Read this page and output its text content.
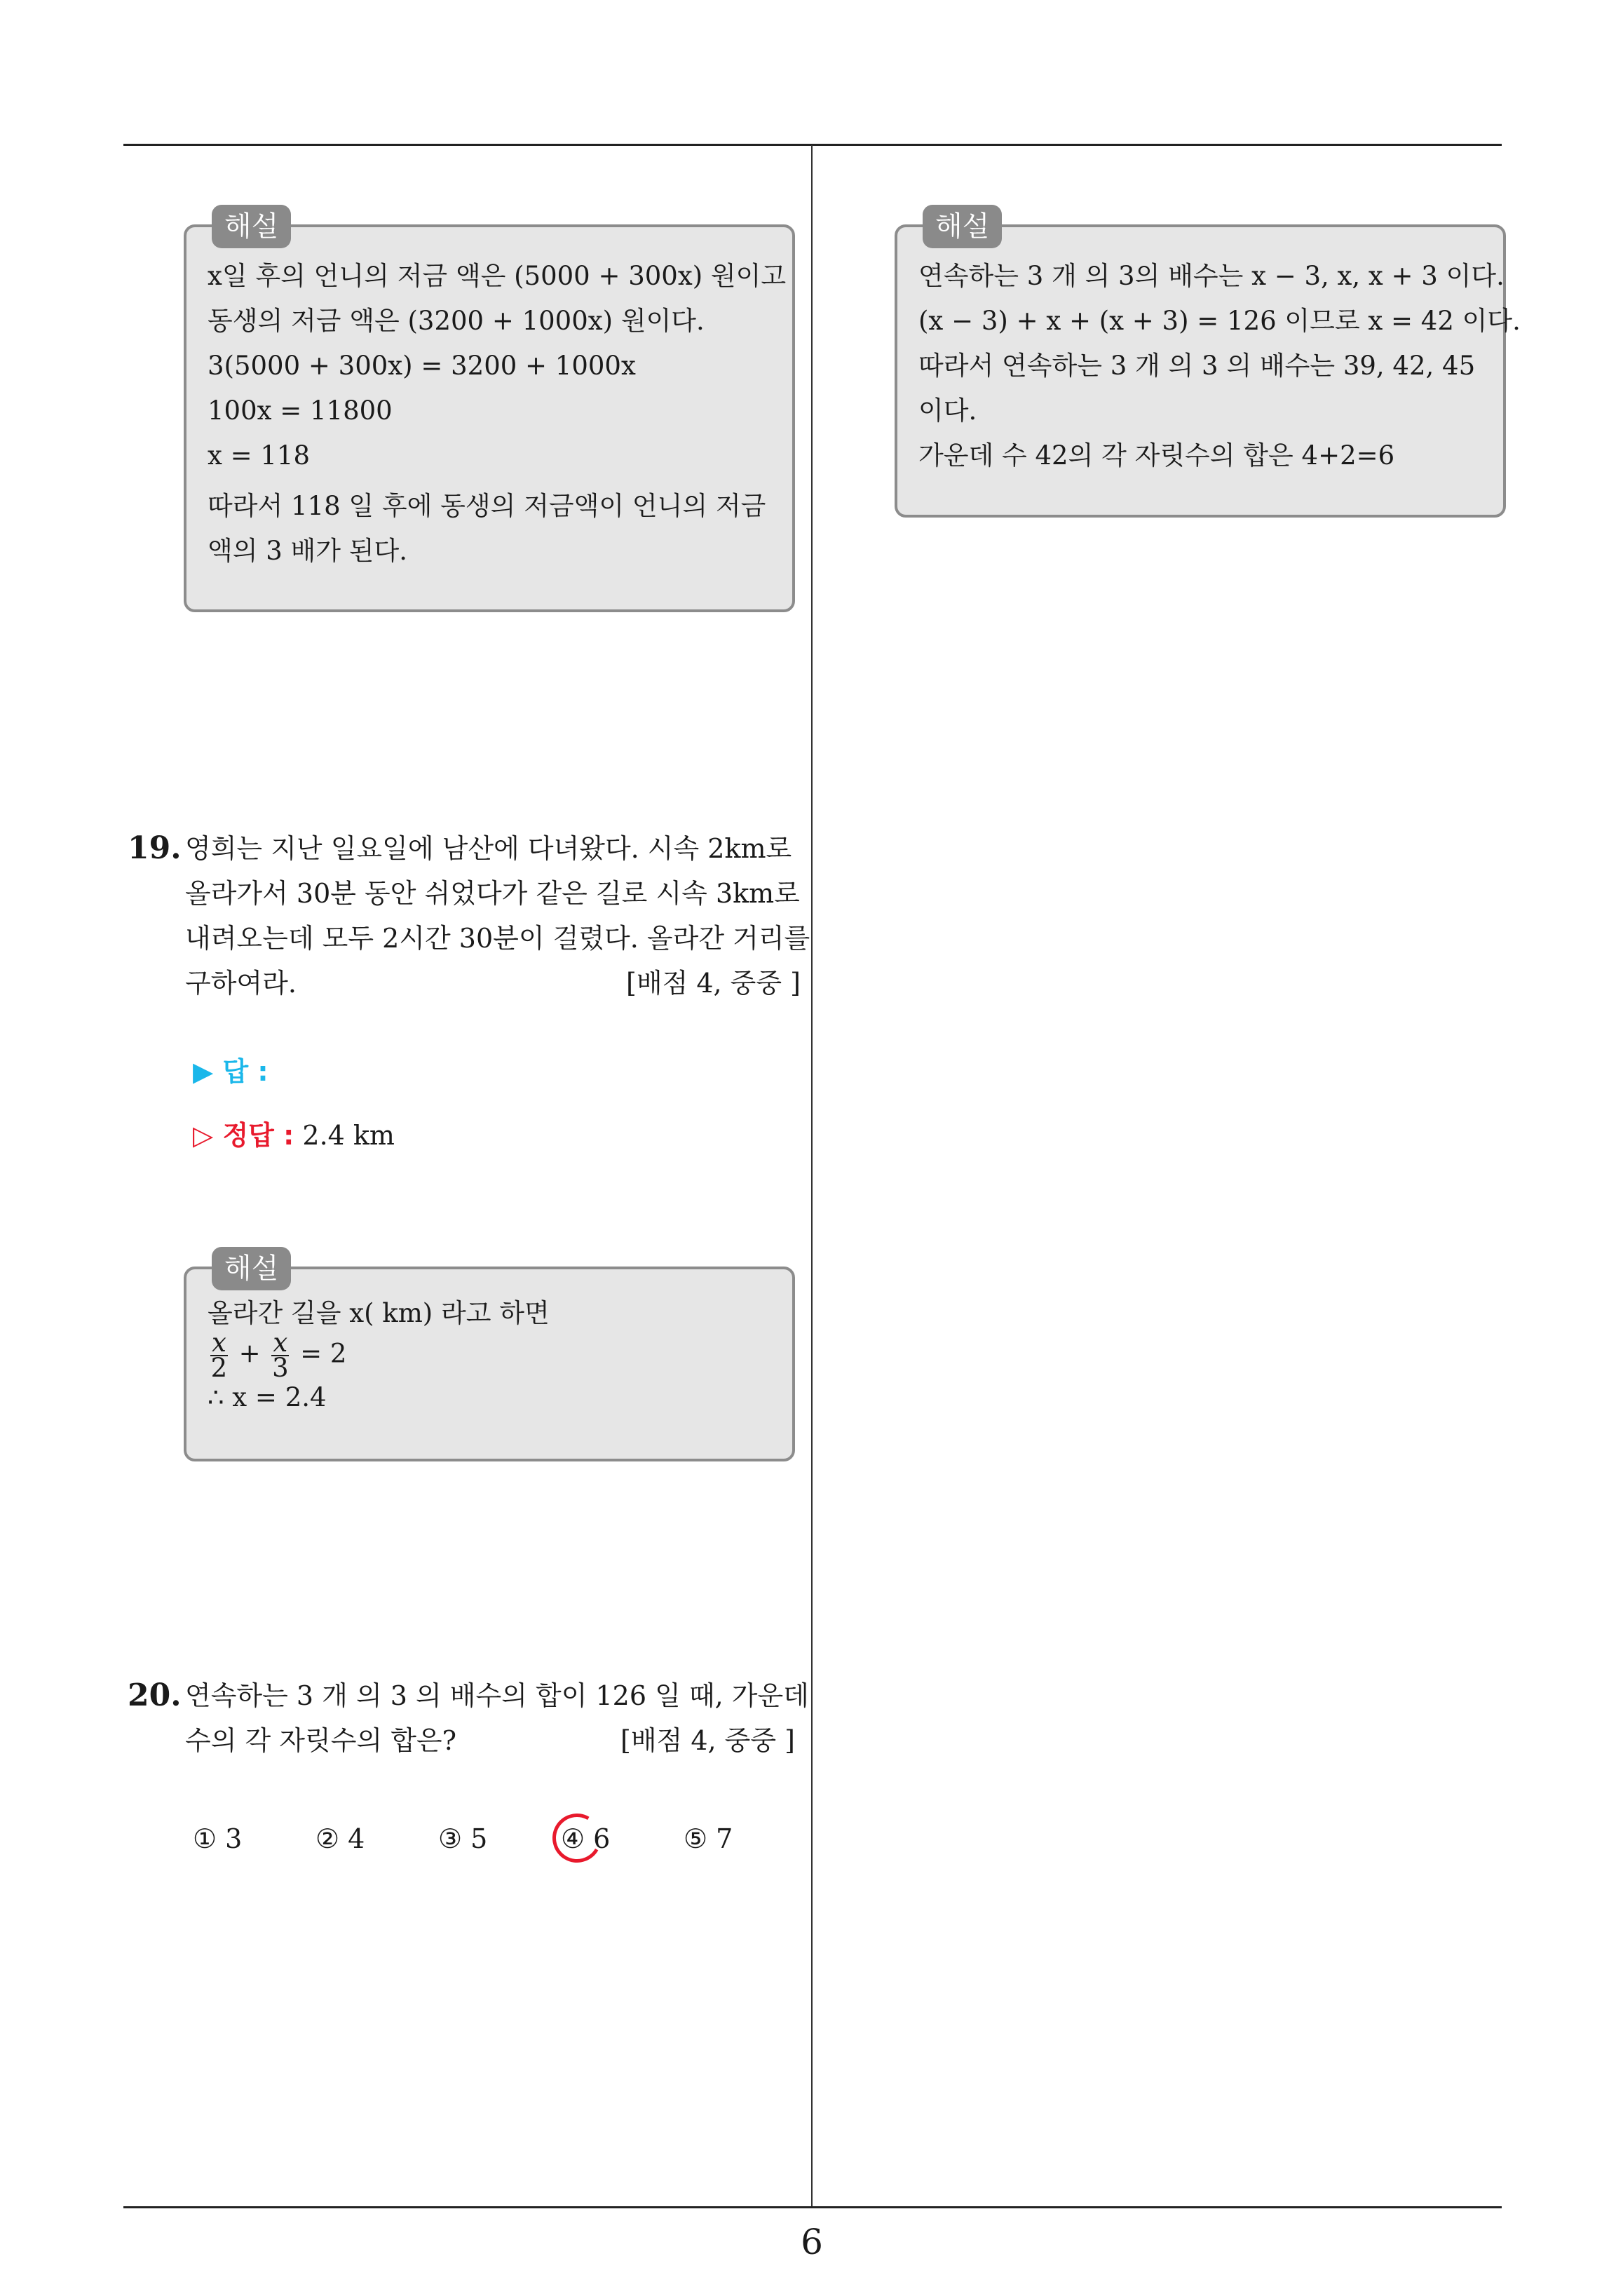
해설
x일 후의 언니의 저금 액은 (5000 + 300x) 원이고
동생의 저금 액은 (3200 + 1000x) 원이다.
3(5000 + 300x) = 3200 + 1000x
100x = 11800
x = 118
따라서 118 일 후에 동생의 저금액이 언니의 저금
액의 3 배가 된다.
19. 영희는 지난 일요일에 남산에 다녀왔다. 시속 2km로
올라가서 30분 동안 쉬었다가 같은 길로 시속 3km로
내려오는데 모두 2시간 30분이 걸렸다. 올라간 거리를
구하여라.	[배점 4, 중중 ]
▶ 답 :
▷ 정답 : 2.4 km
해설
올라간 길을 x( km) 라고 하면
$\frac{x}{2} + \frac{x}{3} = 2$
∴ x = 2.4
20. 연속하는 3 개 의 3 의 배수의 합이 126 일 때, 가운데
수의 각 자릿수의 합은?	[배점 4, 중중 ]
① 3	② 4	③ 5	④ 6	⑤ 7
해설
연속하는 3 개 의 3의 배수는 x − 3, x, x + 3 이다.
(x − 3) + x + (x + 3) = 126 이므로 x = 42 이다.
따라서 연속하는 3 개 의 3 의 배수는 39, 42, 45
이다.
가운데 수 42의 각 자릿수의 합은 4+2=6
6
